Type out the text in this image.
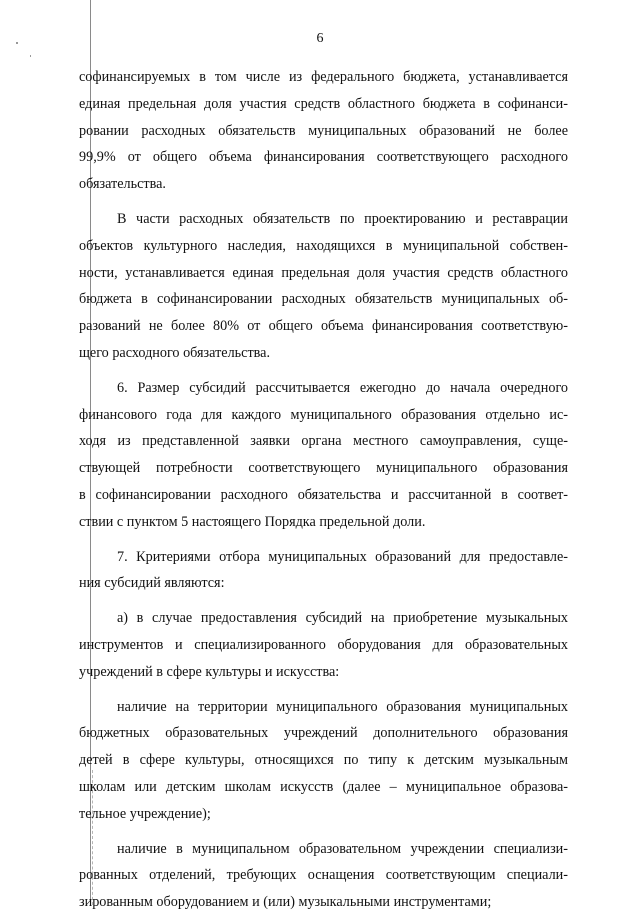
6

софинансируемых в том числе из федерального бюджета, устанавливается
единая предельная доля участия средств областного бюджета в софинанси-
ровании расходных обязательств муниципальных образований не более
99,9% от общего объема финансирования соответствующего расходного
обязательства.

В части расходных обязательств по проектированию и реставрации
объектов культурного наследия, находящихся в муниципальной собствен-
ности, устанавливается единая предельная доля участия средств областного
бюджета в софинансировании расходных обязательств муниципальных об-
разований не более 80% от общего объема финансирования соответствую-
щего расходного обязательства.

6. Размер субсидий рассчитывается ежегодно до начала очередного
финансового года для каждого муниципального образования отдельно ис-
ходя из представленной заявки органа местного самоуправления, суще-
ствующей потребности соответствующего муниципального образования
в софинансировании расходного обязательства и рассчитанной в соответ-
ствии с пунктом 5 настоящего Порядка предельной доли.

7. Критериями отбора муниципальных образований для предоставле-
ния субсидий являются:

а) в случае предоставления субсидий на приобретение музыкальных
инструментов и специализированного оборудования для образовательных
учреждений в сфере культуры и искусства:

наличие на территории муниципального образования муниципальных
бюджетных образовательных учреждений дополнительного образования
детей в сфере культуры, относящихся по типу к детским музыкальным
школам или детским школам искусств (далее – муниципальное образова-
тельное учреждение);

наличие в муниципальном образовательном учреждении специализи-
рованных отделений, требующих оснащения соответствующим специали-
зированным оборудованием и (или) музыкальными инструментами;
